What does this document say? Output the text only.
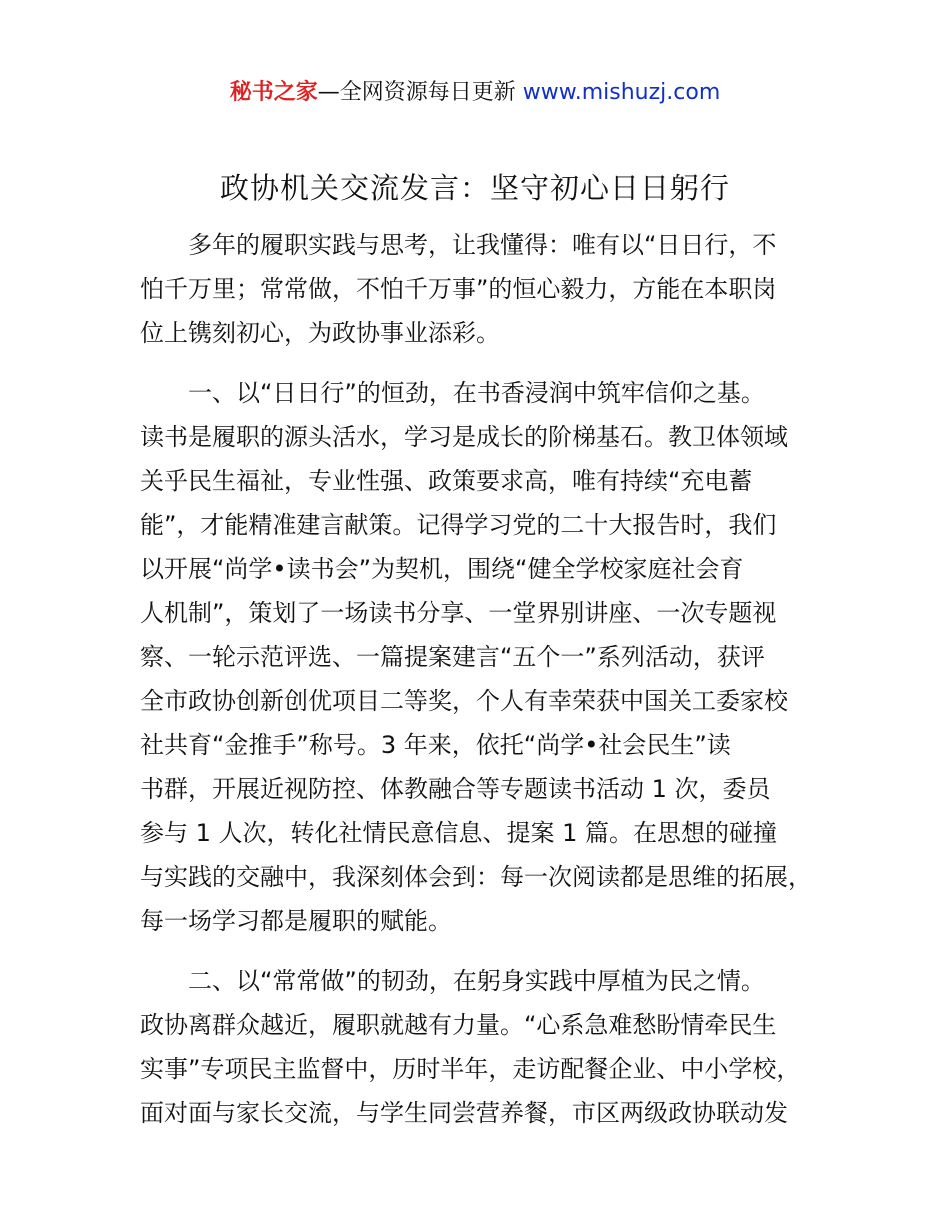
秘书之家—全网资源每日更新 www.mishuzj.com
政协机关交流发言：坚守初心日日躬行
多年的履职实践与思考，让我懂得：唯有以“日日行，不
怕千万里；常常做，不怕千万事”的恒心毅力，方能在本职岗
位上镌刻初心，为政协事业添彩。
一、以“日日行”的恒劲，在书香浸润中筑牢信仰之基。
读书是履职的源头活水，学习是成长的阶梯基石。教卫体领域
关乎民生福祉，专业性强、政策要求高，唯有持续“充电蓄
能”，才能精准建言献策。记得学习党的二十大报告时，我们
以开展“尚学•读书会”为契机，围绕“健全学校家庭社会育
人机制”，策划了一场读书分享、一堂界别讲座、一次专题视
察、一轮示范评选、一篇提案建言“五个一”系列活动，获评
全市政协创新创优项目二等奖，个人有幸荣获中国关工委家校
社共育“金推手”称号。3 年来，依托“尚学•社会民生”读
书群，开展近视防控、体教融合等专题读书活动 1 次，委员
参与 1 人次，转化社情民意信息、提案 1 篇。在思想的碰撞
与实践的交融中，我深刻体会到：每一次阅读都是思维的拓展，
每一场学习都是履职的赋能。
二、以“常常做”的韧劲，在躬身实践中厚植为民之情。
政协离群众越近，履职就越有力量。“心系急难愁盼情牵民生
实事”专项民主监督中，历时半年，走访配餐企业、中小学校，
面对面与家长交流，与学生同尝营养餐，市区两级政协联动发
